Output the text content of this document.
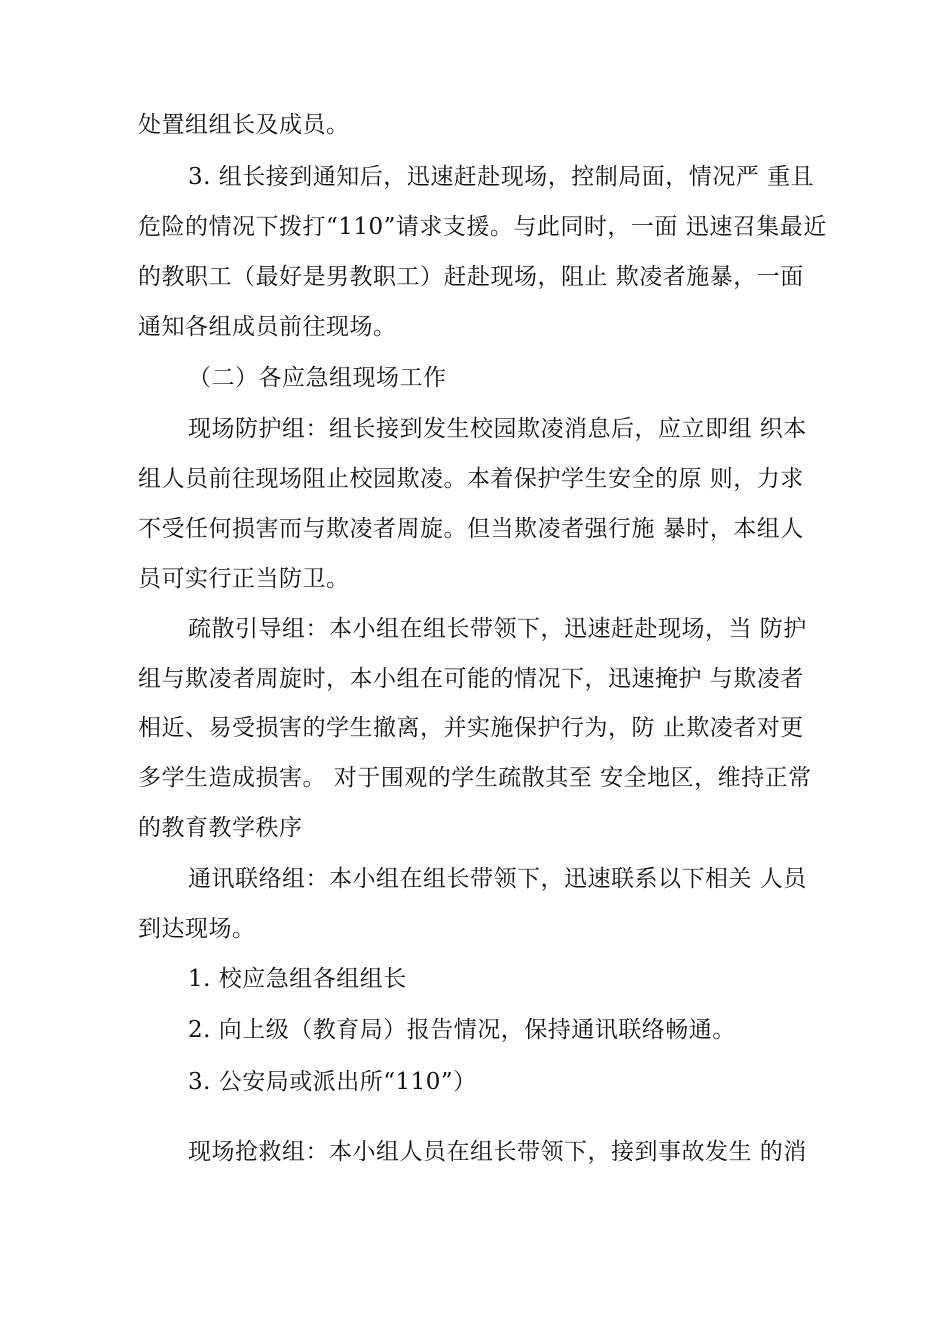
处置组组长及成员。
3. 组长接到通知后，迅速赶赴现场，控制局面，情况严 重且
危险的情况下拨打“110”请求支援。与此同时，一面 迅速召集最近
的教职工（最好是男教职工）赶赴现场，阻止 欺凌者施暴，一面
通知各组成员前往现场。
（二）各应急组现场工作
现场防护组：组长接到发生校园欺凌消息后，应立即组 织本
组人员前往现场阻止校园欺凌。本着保护学生安全的原 则，力求
不受任何损害而与欺凌者周旋。但当欺凌者强行施 暴时，本组人
员可实行正当防卫。
疏散引导组：本小组在组长带领下，迅速赶赴现场，当 防护
组与欺凌者周旋时，本小组在可能的情况下，迅速掩护 与欺凌者
相近、易受损害的学生撤离，并实施保护行为，防 止欺凌者对更
多学生造成损害。 对于围观的学生疏散其至 安全地区，维持正常
的教育教学秩序
通讯联络组：本小组在组长带领下，迅速联系以下相关 人员
到达现场。
1. 校应急组各组组长
2. 向上级（教育局）报告情况，保持通讯联络畅通。
3. 公安局或派出所“110”）
现场抢救组：本小组人员在组长带领下，接到事故发生 的消
